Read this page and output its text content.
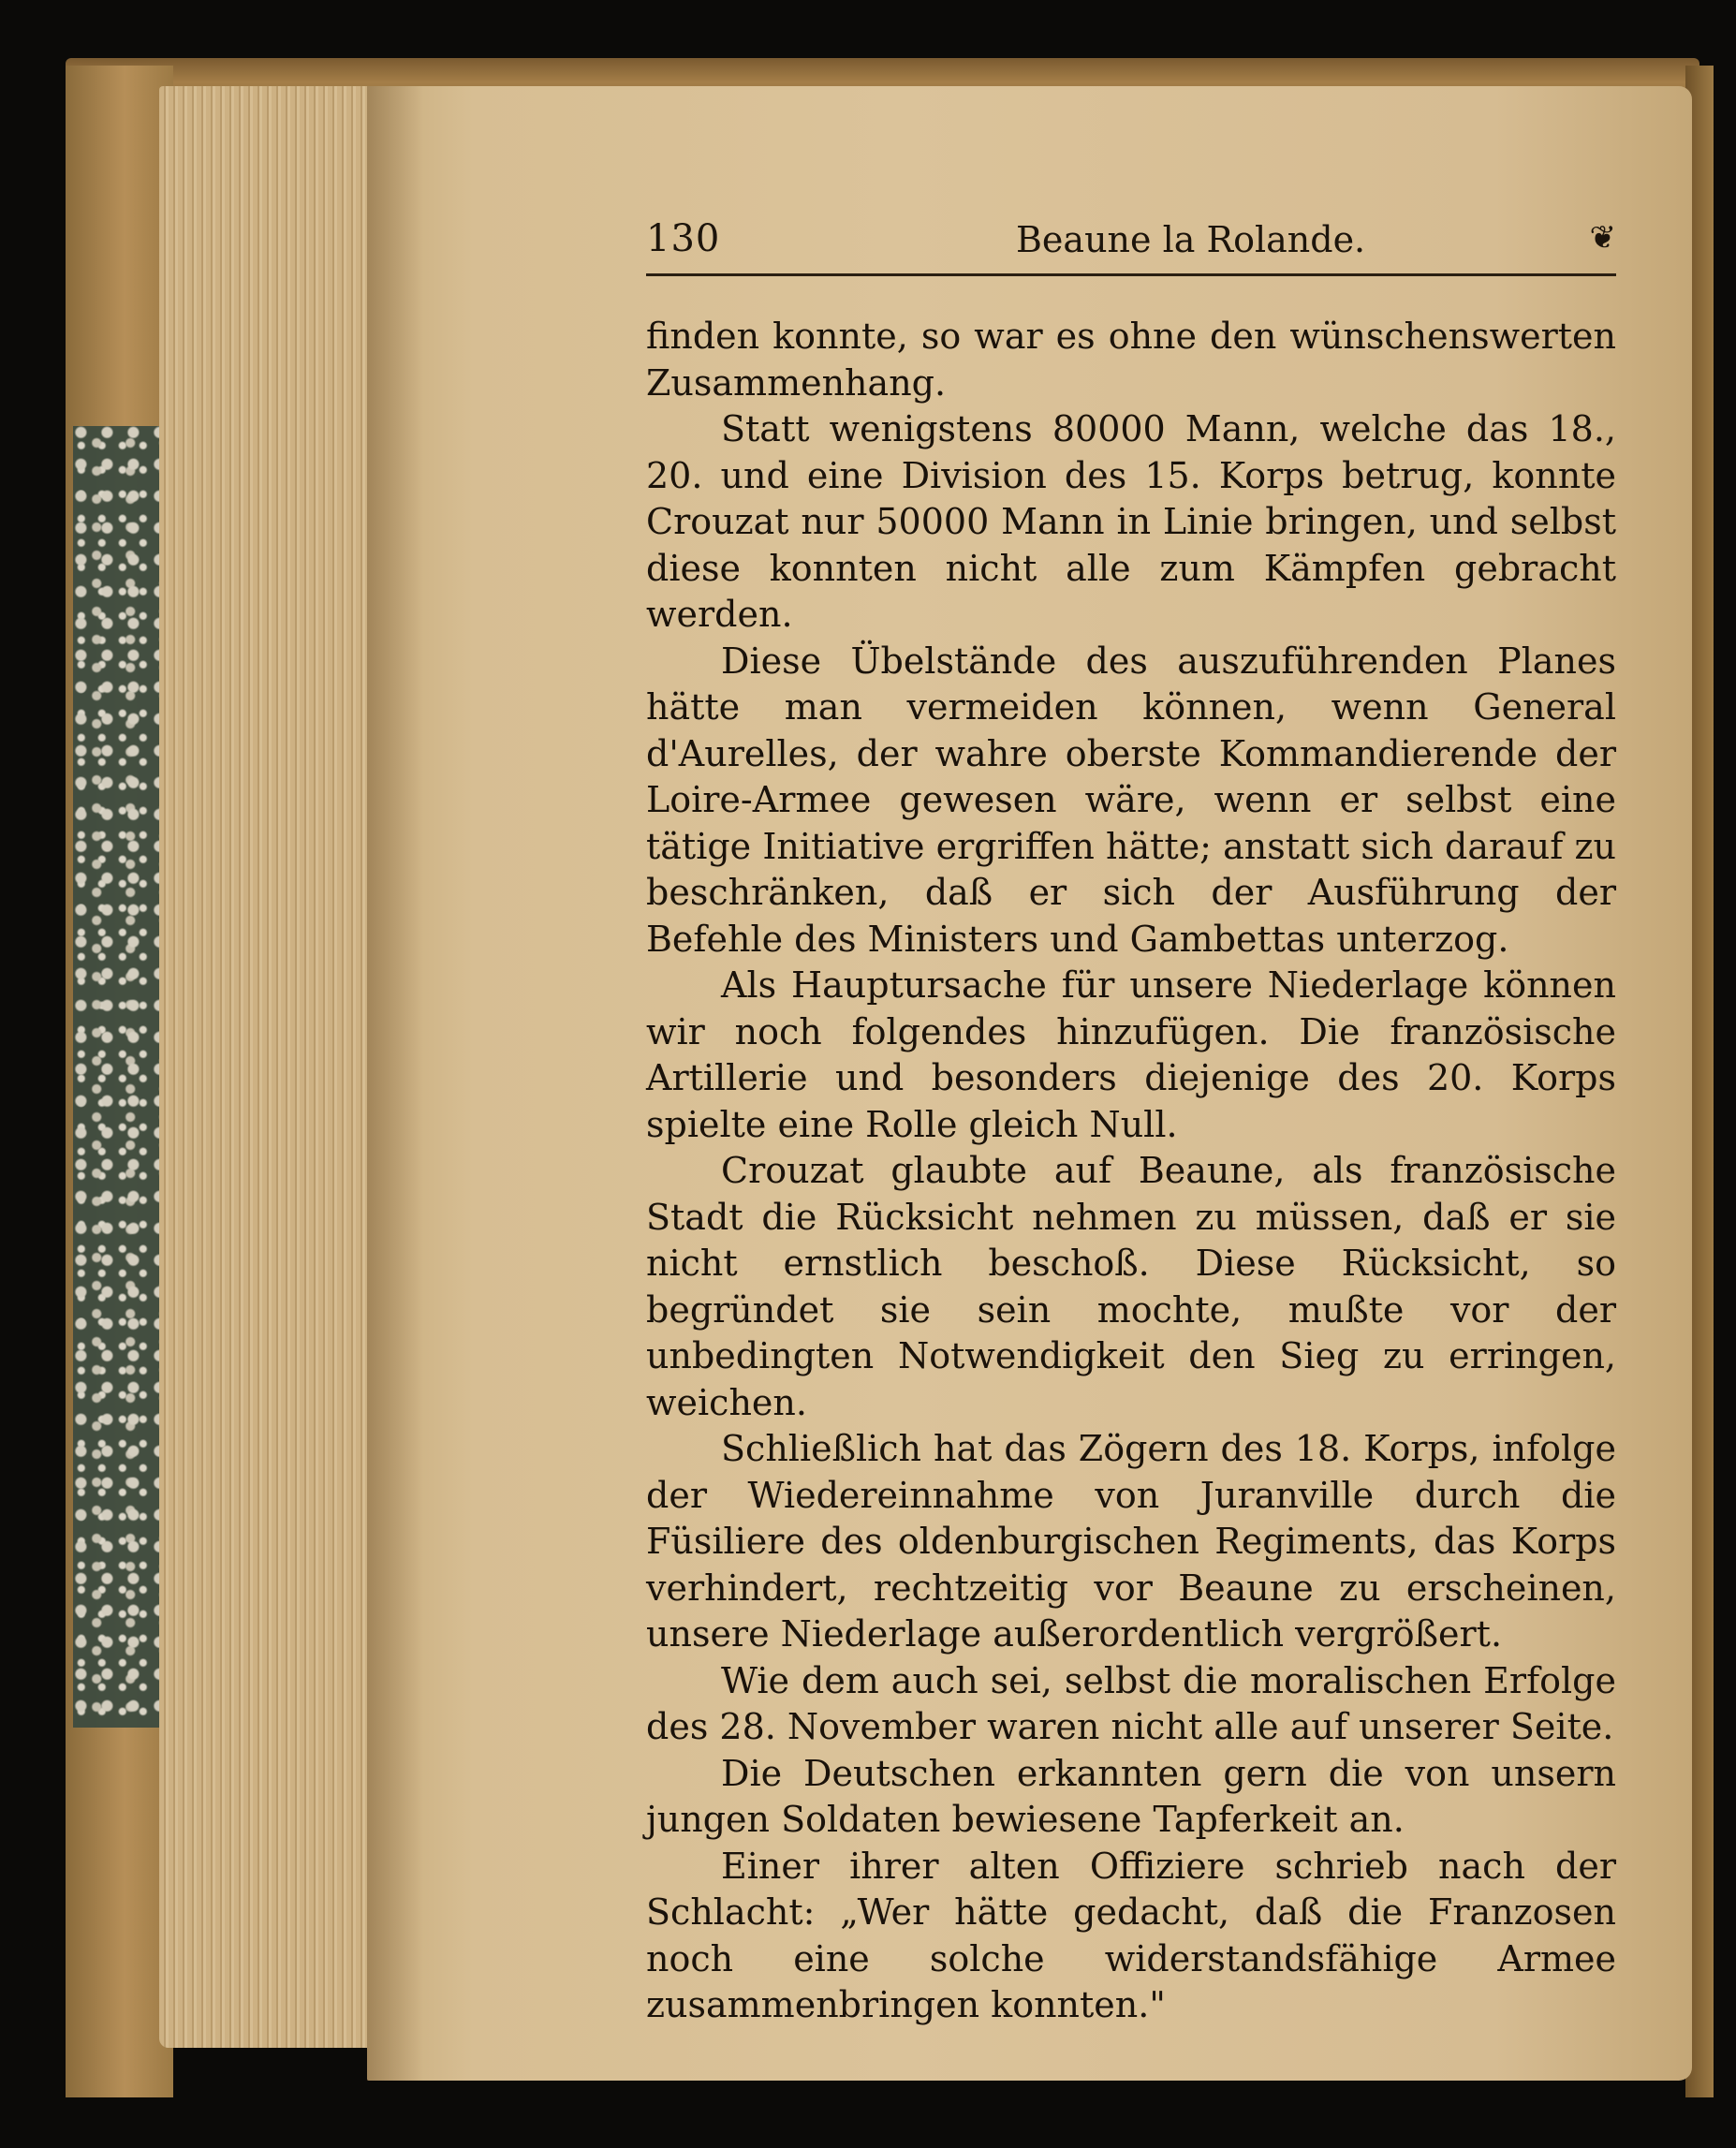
130	Beaune la Rolande.	❦

finden konnte, so war es ohne den wünschenswerten Zusammenhang.

Statt wenigstens 80000 Mann, welche das 18., 20. und eine Division des 15. Korps betrug, konnte Crouzat nur 50000 Mann in Linie bringen, und selbst diese konnten nicht alle zum Kämpfen gebracht werden.

Diese Übelstände des auszuführenden Planes hätte man vermeiden können, wenn General d'Aurelles, der wahre oberste Kommandierende der Loire-Armee gewesen wäre, wenn er selbst eine tätige Initiative ergriffen hätte; anstatt sich darauf zu beschränken, daß er sich der Ausführung der Befehle des Ministers und Gambettas unterzog.

Als Hauptursache für unsere Niederlage können wir noch folgendes hinzufügen. Die französische Artillerie und besonders diejenige des 20. Korps spielte eine Rolle gleich Null.

Crouzat glaubte auf Beaune, als französische Stadt die Rücksicht nehmen zu müssen, daß er sie nicht ernstlich beschoß. Diese Rücksicht, so begründet sie sein mochte, mußte vor der unbedingten Notwendigkeit den Sieg zu erringen, weichen.

Schließlich hat das Zögern des 18. Korps, infolge der Wiedereinnahme von Juranville durch die Füsiliere des oldenburgischen Regiments, das Korps verhindert, rechtzeitig vor Beaune zu erscheinen, unsere Niederlage außerordentlich vergrößert.

Wie dem auch sei, selbst die moralischen Erfolge des 28. November waren nicht alle auf unserer Seite.

Die Deutschen erkannten gern die von unsern jungen Soldaten bewiesene Tapferkeit an.

Einer ihrer alten Offiziere schrieb nach der Schlacht: „Wer hätte gedacht, daß die Franzosen noch eine solche widerstandsfähige Armee zusammenbringen konnten."
